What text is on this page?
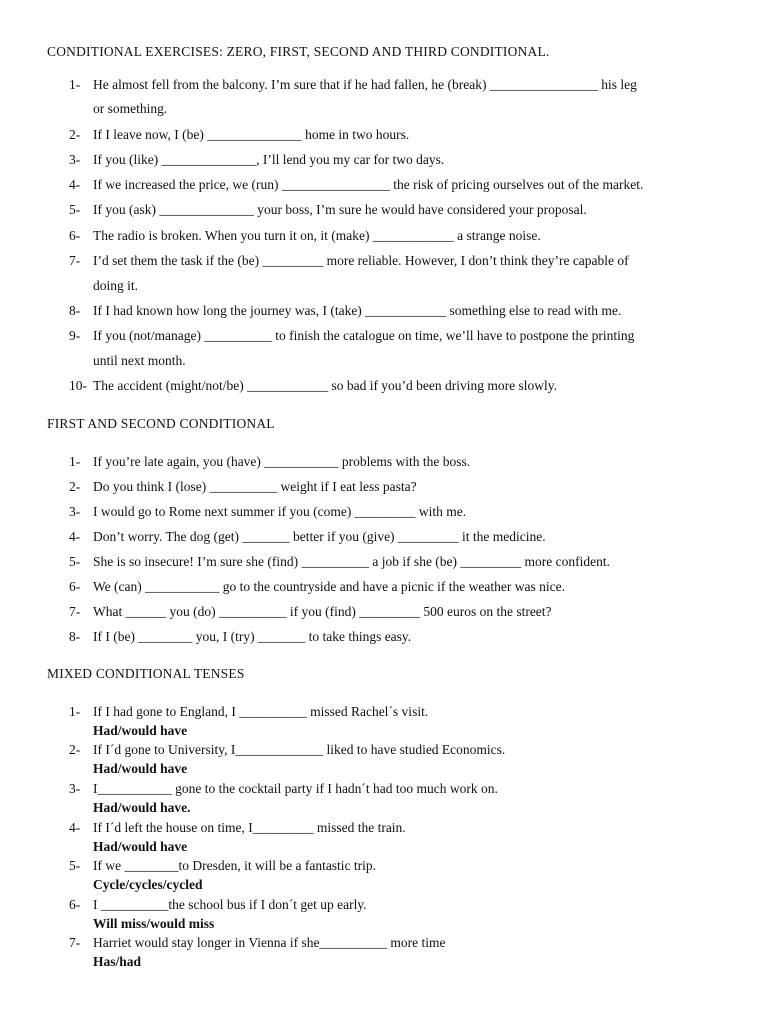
CONDITIONAL EXERCISES: ZERO, FIRST, SECOND AND THIRD CONDITIONAL.
1- He almost fell from the balcony. I’m sure that if he had fallen, he (break) ________________ his leg
or something.
2- If I leave now, I (be) ______________ home in two hours.
3- If you (like) ______________, I’ll lend you my car for two days.
4- If we increased the price, we (run) ________________ the risk of pricing ourselves out of the market.
5- If you (ask) ______________ your boss, I’m sure he would have considered your proposal.
6- The radio is broken. When you turn it on, it (make) ____________ a strange noise.
7- I’d set them the task if the (be) _________ more reliable. However, I don’t think they’re capable of
doing it.
8- If I had known how long the journey was, I (take) ____________ something else to read with me.
9- If you (not/manage) __________ to finish the catalogue on time, we’ll have to postpone the printing
until next month.
10- The accident (might/not/be) ____________ so bad if you’d been driving more slowly.
FIRST AND SECOND CONDITIONAL
1- If you’re late again, you (have) ___________ problems with the boss.
2- Do you think I (lose) __________ weight if I eat less pasta?
3- I would go to Rome next summer if you (come) _________ with me.
4- Don’t worry. The dog (get) _______ better if you (give) _________ it the medicine.
5- She is so insecure! I’m sure she (find) __________ a job if she (be) _________ more confident.
6- We (can) ___________ go to the countryside and have a picnic if the weather was nice.
7- What ______ you (do) __________ if you (find) _________ 500 euros on the street?
8- If I (be) ________ you, I (try) _______ to take things easy.
MIXED CONDITIONAL TENSES
1- If I had gone to England, I __________ missed Rachel´s visit.
Had/would have
2- If I´d gone to University, I_____________ liked to have studied Economics.
Had/would have
3- I___________ gone to the cocktail party if I hadn´t had too much work on.
Had/would have.
4- If I´d left the house on time, I_________ missed the train.
Had/would have
5- If we ________to Dresden, it will be a fantastic trip.
Cycle/cycles/cycled
6- I __________the school bus if I don´t get up early.
Will miss/would miss
7- Harriet would stay longer in Vienna if she__________ more time
Has/had
